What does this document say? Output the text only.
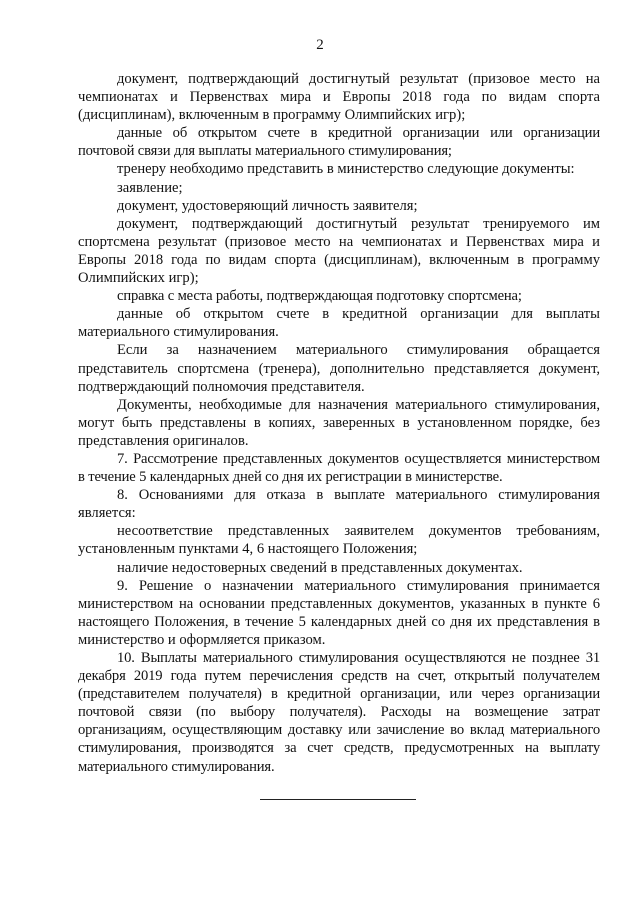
2

документ, подтверждающий достигнутый результат (призовое место на чемпионатах и Первенствах мира и Европы 2018 года по видам спорта (дисциплинам), включенным в программу Олимпийских игр);

данные об открытом счете в кредитной организации или организации почтовой связи для выплаты материального стимулирования;

тренеру необходимо представить в министерство следующие документы:

заявление;

документ, удостоверяющий личность заявителя;

документ, подтверждающий достигнутый результат тренируемого им спортсмена результат (призовое место на чемпионатах и Первенствах мира и Европы 2018 года по видам спорта (дисциплинам), включенным в программу Олимпийских игр);

справка с места работы, подтверждающая подготовку спортсмена;

данные об открытом счете в кредитной организации для выплаты материального стимулирования.

Если за назначением материального стимулирования обращается представитель спортсмена (тренера), дополнительно представляется документ, подтверждающий полномочия представителя.

Документы, необходимые для назначения материального стимулирования, могут быть представлены в копиях, заверенных в установленном порядке, без представления оригиналов.

7. Рассмотрение представленных документов осуществляется министерством в течение 5 календарных дней со дня их регистрации в министерстве.

8. Основаниями для отказа в выплате материального стимулирования является:

несоответствие представленных заявителем документов требованиям, установленным пунктами 4, 6 настоящего Положения;

наличие недостоверных сведений в представленных документах.

9. Решение о назначении материального стимулирования принимается министерством на основании представленных документов, указанных в пункте 6 настоящего Положения, в течение 5 календарных дней со дня их представления в министерство и оформляется приказом.

10. Выплаты материального стимулирования осуществляются не позднее 31 декабря 2019 года путем перечисления средств на счет, открытый получателем (представителем получателя) в кредитной организации, или через организации почтовой связи (по выбору получателя). Расходы на возмещение затрат организациям, осуществляющим доставку или зачисление во вклад материального стимулирования, производятся за счет средств, предусмотренных на выплату материального стимулирования.
